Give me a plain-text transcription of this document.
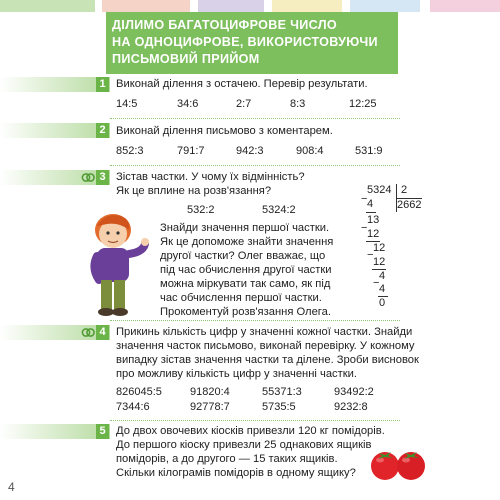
ДІЛИМО БАГАТОЦИФРОВЕ ЧИСЛО
НА ОДНОЦИФРОВЕ, ВИКОРИСТОВУЮЧИ
ПИСЬМОВИЙ ПРИЙОМ
1 Виконай ділення з остачею. Перевір результати.
14:5	34:6	2:7	8:3	12:25
2 Виконай ділення письмово з коментарем.
852:3	791:7	942:3	908:4	531:9
3 Зістав частки. У чому їх відмінність?
Як це вплине на розв'язання?
532:2	5324:2
Знайди значення першої частки.
Як це допоможе знайти значення
другої частки? Олег вважає, що
під час обчислення другої частки
можна міркувати так само, як під
час обчислення першої частки.
Прокоментуй розв'язання Олега.
5324 2
2662
− 4
13
− 12
12
−
12
4
− 4
0
4 Прикинь кількість цифр у значенні кожної частки. Знайди
значення часток письмово, виконай перевірку. У кожному
випадку зістав значення частки та ділене. Зроби висновок
про можливу кількість цифр у значенні частки.
826045:5	91820:4	55371:3	93492:2
7344:6	92778:7	5735:5	9232:8
5 До двох овочевих кіосків привезли 120 кг помідорів.
До першого кіоску привезли 25 однакових ящиків
помідорів, а до другого — 15 таких ящиків.
Скільки кілограмів помідорів в одному ящику?
4
